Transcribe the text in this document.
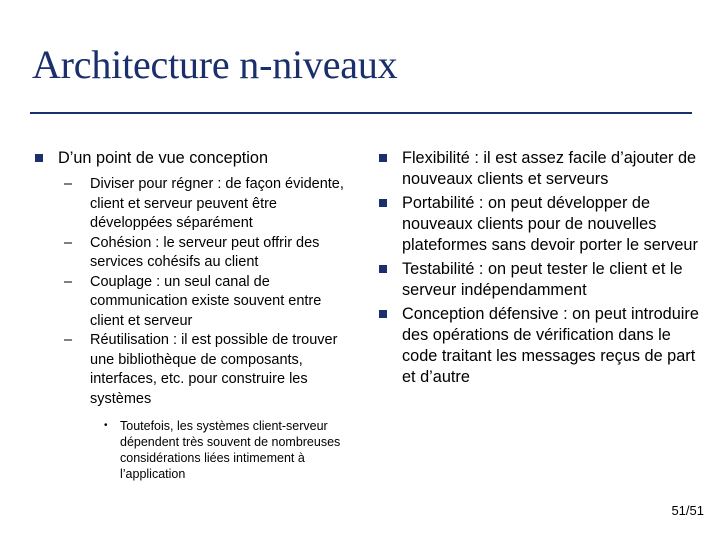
Architecture n-niveaux
D’un point de vue conception
– Diviser pour régner : de façon évidente, client et serveur peuvent être développées séparément
– Cohésion : le serveur peut offrir des services cohésifs au client
– Couplage : un seul canal de communication existe souvent entre client et serveur
– Réutilisation : il est possible de trouver une bibliothèque de composants, interfaces, etc. pour construire les systèmes
• Toutefois, les systèmes client-serveur dépendent très souvent de nombreuses considérations liées intimement à l’application
Flexibilité : il est assez facile d’ajouter de nouveaux clients et serveurs
Portabilité : on peut développer de nouveaux clients pour de nouvelles plateformes sans devoir porter le serveur
Testabilité : on peut tester le client et le serveur indépendamment
Conception défensive : on peut introduire des opérations de vérification dans le code traitant les messages reçus de part et d’autre
51/51
